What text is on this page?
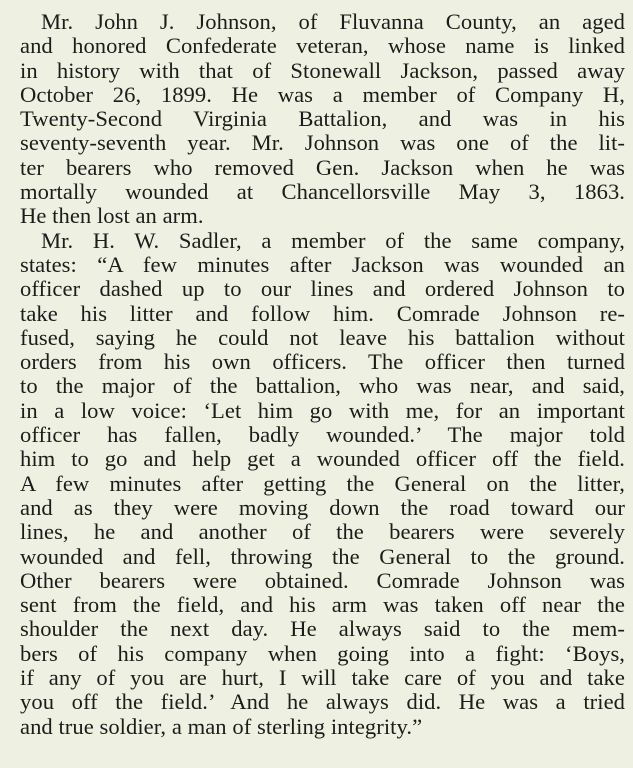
Mr. John J. Johnson, of Fluvanna County, an aged
and honored Confederate veteran, whose name is linked
in history with that of Stonewall Jackson, passed away
October 26, 1899. He was a member of Company H,
Twenty-Second Virginia Battalion, and was in his
seventy-seventh year. Mr. Johnson was one of the lit-
ter bearers who removed Gen. Jackson when he was
mortally wounded at Chancellorsville May 3, 1863.
He then lost an arm.
Mr. H. W. Sadler, a member of the same company,
states: “A few minutes after Jackson was wounded an
officer dashed up to our lines and ordered Johnson to
take his litter and follow him. Comrade Johnson re-
fused, saying he could not leave his battalion without
orders from his own officers. The officer then turned
to the major of the battalion, who was near, and said,
in a low voice: ‘Let him go with me, for an important
officer has fallen, badly wounded.’ The major told
him to go and help get a wounded officer off the field.
A few minutes after getting the General on the litter,
and as they were moving down the road toward our
lines, he and another of the bearers were severely
wounded and fell, throwing the General to the ground.
Other bearers were obtained. Comrade Johnson was
sent from the field, and his arm was taken off near the
shoulder the next day. He always said to the mem-
bers of his company when going into a fight: ‘Boys,
if any of you are hurt, I will take care of you and take
you off the field.’ And he always did. He was a tried
and true soldier, a man of sterling integrity.”
